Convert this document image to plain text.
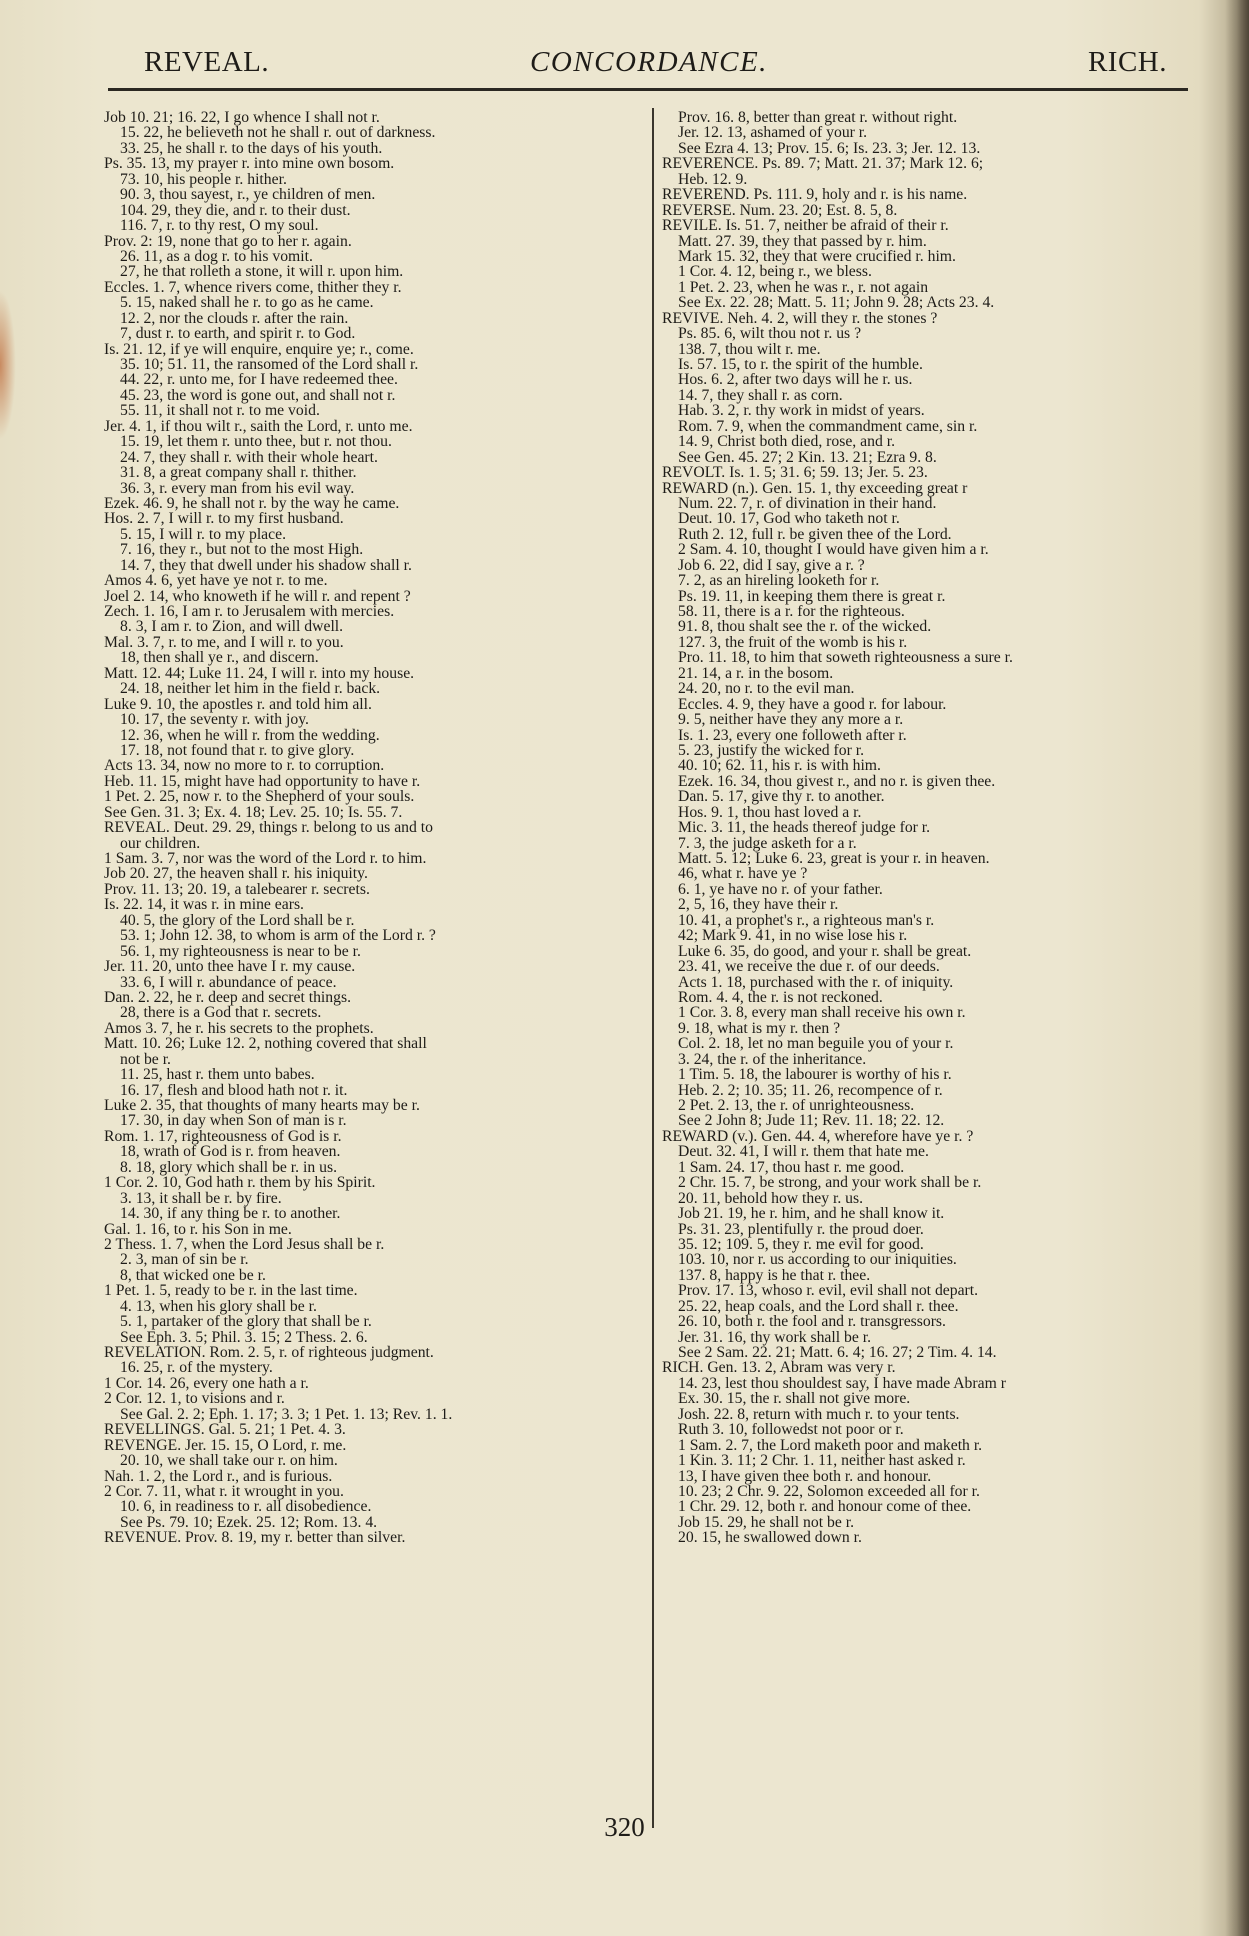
REVEAL.	CONCORDANCE.	RICH.
Job 10. 21; 16. 22, I go whence I shall not r.
15. 22, he believeth not he shall r. out of darkness.
33. 25, he shall r. to the days of his youth.
Ps. 35. 13, my prayer r. into mine own bosom.
73. 10, his people r. hither.
90. 3, thou sayest, r., ye children of men.
104. 29, they die, and r. to their dust.
116. 7, r. to thy rest, O my soul.
Prov. 2: 19, none that go to her r. again.
26. 11, as a dog r. to his vomit.
27, he that rolleth a stone, it will r. upon him.
Eccles. 1. 7, whence rivers come, thither they r.
5. 15, naked shall he r. to go as he came.
12. 2, nor the clouds r. after the rain.
7, dust r. to earth, and spirit r. to God.
Is. 21. 12, if ye will enquire, enquire ye; r., come.
35. 10; 51. 11, the ransomed of the Lord shall r.
44. 22, r. unto me, for I have redeemed thee.
45. 23, the word is gone out, and shall not r.
55. 11, it shall not r. to me void.
Jer. 4. 1, if thou wilt r., saith the Lord, r. unto me.
15. 19, let them r. unto thee, but r. not thou.
24. 7, they shall r. with their whole heart.
31. 8, a great company shall r. thither.
36. 3, r. every man from his evil way.
Ezek. 46. 9, he shall not r. by the way he came.
Hos. 2. 7, I will r. to my first husband.
5. 15, I will r. to my place.
7. 16, they r., but not to the most High.
14. 7, they that dwell under his shadow shall r.
Amos 4. 6, yet have ye not r. to me.
Joel 2. 14, who knoweth if he will r. and repent ?
Zech. 1. 16, I am r. to Jerusalem with mercies.
8. 3, I am r. to Zion, and will dwell.
Mal. 3. 7, r. to me, and I will r. to you.
18, then shall ye r., and discern.
Matt. 12. 44; Luke 11. 24, I will r. into my house.
24. 18, neither let him in the field r. back.
Luke 9. 10, the apostles r. and told him all.
10. 17, the seventy r. with joy.
12. 36, when he will r. from the wedding.
17. 18, not found that r. to give glory.
Acts 13. 34, now no more to r. to corruption.
Heb. 11. 15, might have had opportunity to have r.
1 Pet. 2. 25, now r. to the Shepherd of your souls.
See Gen. 31. 3; Ex. 4. 18; Lev. 25. 10; Is. 55. 7.
REVEAL. Deut. 29. 29, things r. belong to us and to
our children.
1 Sam. 3. 7, nor was the word of the Lord r. to him.
Job 20. 27, the heaven shall r. his iniquity.
Prov. 11. 13; 20. 19, a talebearer r. secrets.
Is. 22. 14, it was r. in mine ears.
40. 5, the glory of the Lord shall be r.
53. 1; John 12. 38, to whom is arm of the Lord r. ?
56. 1, my righteousness is near to be r.
Jer. 11. 20, unto thee have I r. my cause.
33. 6, I will r. abundance of peace.
Dan. 2. 22, he r. deep and secret things.
28, there is a God that r. secrets.
Amos 3. 7, he r. his secrets to the prophets.
Matt. 10. 26; Luke 12. 2, nothing covered that shall
not be r.
11. 25, hast r. them unto babes.
16. 17, flesh and blood hath not r. it.
Luke 2. 35, that thoughts of many hearts may be r.
17. 30, in day when Son of man is r.
Rom. 1. 17, righteousness of God is r.
18, wrath of God is r. from heaven.
8. 18, glory which shall be r. in us.
1 Cor. 2. 10, God hath r. them by his Spirit.
3. 13, it shall be r. by fire.
14. 30, if any thing be r. to another.
Gal. 1. 16, to r. his Son in me.
2 Thess. 1. 7, when the Lord Jesus shall be r.
2. 3, man of sin be r.
8, that wicked one be r.
1 Pet. 1. 5, ready to be r. in the last time.
4. 13, when his glory shall be r.
5. 1, partaker of the glory that shall be r.
See Eph. 3. 5; Phil. 3. 15; 2 Thess. 2. 6.
REVELATION. Rom. 2. 5, r. of righteous judgment.
16. 25, r. of the mystery.
1 Cor. 14. 26, every one hath a r.
2 Cor. 12. 1, to visions and r.
See Gal. 2. 2; Eph. 1. 17; 3. 3; 1 Pet. 1. 13; Rev. 1. 1.
REVELLINGS. Gal. 5. 21; 1 Pet. 4. 3.
REVENGE. Jer. 15. 15, O Lord, r. me.
20. 10, we shall take our r. on him.
Nah. 1. 2, the Lord r., and is furious.
2 Cor. 7. 11, what r. it wrought in you.
10. 6, in readiness to r. all disobedience.
See Ps. 79. 10; Ezek. 25. 12; Rom. 13. 4.
REVENUE. Prov. 8. 19, my r. better than silver.
Prov. 16. 8, better than great r. without right.
Jer. 12. 13, ashamed of your r.
See Ezra 4. 13; Prov. 15. 6; Is. 23. 3; Jer. 12. 13.
REVERENCE. Ps. 89. 7; Matt. 21. 37; Mark 12. 6;
Heb. 12. 9.
REVEREND. Ps. 111. 9, holy and r. is his name.
REVERSE. Num. 23. 20; Est. 8. 5, 8.
REVILE. Is. 51. 7, neither be afraid of their r.
Matt. 27. 39, they that passed by r. him.
Mark 15. 32, they that were crucified r. him.
1 Cor. 4. 12, being r., we bless.
1 Pet. 2. 23, when he was r., r. not again
See Ex. 22. 28; Matt. 5. 11; John 9. 28; Acts 23. 4.
REVIVE. Neh. 4. 2, will they r. the stones ?
Ps. 85. 6, wilt thou not r. us ?
138. 7, thou wilt r. me.
Is. 57. 15, to r. the spirit of the humble.
Hos. 6. 2, after two days will he r. us.
14. 7, they shall r. as corn.
Hab. 3. 2, r. thy work in midst of years.
Rom. 7. 9, when the commandment came, sin r.
14. 9, Christ both died, rose, and r.
See Gen. 45. 27; 2 Kin. 13. 21; Ezra 9. 8.
REVOLT. Is. 1. 5; 31. 6; 59. 13; Jer. 5. 23.
REWARD (n.). Gen. 15. 1, thy exceeding great r
Num. 22. 7, r. of divination in their hand.
Deut. 10. 17, God who taketh not r.
Ruth 2. 12, full r. be given thee of the Lord.
2 Sam. 4. 10, thought I would have given him a r.
Job 6. 22, did I say, give a r. ?
7. 2, as an hireling looketh for r.
Ps. 19. 11, in keeping them there is great r.
58. 11, there is a r. for the righteous.
91. 8, thou shalt see the r. of the wicked.
127. 3, the fruit of the womb is his r.
Pro. 11. 18, to him that soweth righteousness a sure r.
21. 14, a r. in the bosom.
24. 20, no r. to the evil man.
Eccles. 4. 9, they have a good r. for labour.
9. 5, neither have they any more a r.
Is. 1. 23, every one followeth after r.
5. 23, justify the wicked for r.
40. 10; 62. 11, his r. is with him.
Ezek. 16. 34, thou givest r., and no r. is given thee.
Dan. 5. 17, give thy r. to another.
Hos. 9. 1, thou hast loved a r.
Mic. 3. 11, the heads thereof judge for r.
7. 3, the judge asketh for a r.
Matt. 5. 12; Luke 6. 23, great is your r. in heaven.
46, what r. have ye ?
6. 1, ye have no r. of your father.
2, 5, 16, they have their r.
10. 41, a prophet's r., a righteous man's r.
42; Mark 9. 41, in no wise lose his r.
Luke 6. 35, do good, and your r. shall be great.
23. 41, we receive the due r. of our deeds.
Acts 1. 18, purchased with the r. of iniquity.
Rom. 4. 4, the r. is not reckoned.
1 Cor. 3. 8, every man shall receive his own r.
9. 18, what is my r. then ?
Col. 2. 18, let no man beguile you of your r.
3. 24, the r. of the inheritance.
1 Tim. 5. 18, the labourer is worthy of his r.
Heb. 2. 2; 10. 35; 11. 26, recompence of r.
2 Pet. 2. 13, the r. of unrighteousness.
See 2 John 8; Jude 11; Rev. 11. 18; 22. 12.
REWARD (v.). Gen. 44. 4, wherefore have ye r. ?
Deut. 32. 41, I will r. them that hate me.
1 Sam. 24. 17, thou hast r. me good.
2 Chr. 15. 7, be strong, and your work shall be r.
20. 11, behold how they r. us.
Job 21. 19, he r. him, and he shall know it.
Ps. 31. 23, plentifully r. the proud doer.
35. 12; 109. 5, they r. me evil for good.
103. 10, nor r. us according to our iniquities.
137. 8, happy is he that r. thee.
Prov. 17. 13, whoso r. evil, evil shall not depart.
25. 22, heap coals, and the Lord shall r. thee.
26. 10, both r. the fool and r. transgressors.
Jer. 31. 16, thy work shall be r.
See 2 Sam. 22. 21; Matt. 6. 4; 16. 27; 2 Tim. 4. 14.
RICH. Gen. 13. 2, Abram was very r.
14. 23, lest thou shouldest say, I have made Abram r
Ex. 30. 15, the r. shall not give more.
Josh. 22. 8, return with much r. to your tents.
Ruth 3. 10, followedst not poor or r.
1 Sam. 2. 7, the Lord maketh poor and maketh r.
1 Kin. 3. 11; 2 Chr. 1. 11, neither hast asked r.
13, I have given thee both r. and honour.
10. 23; 2 Chr. 9. 22, Solomon exceeded all for r.
1 Chr. 29. 12, both r. and honour come of thee.
Job 15. 29, he shall not be r.
20. 15, he swallowed down r.
320
